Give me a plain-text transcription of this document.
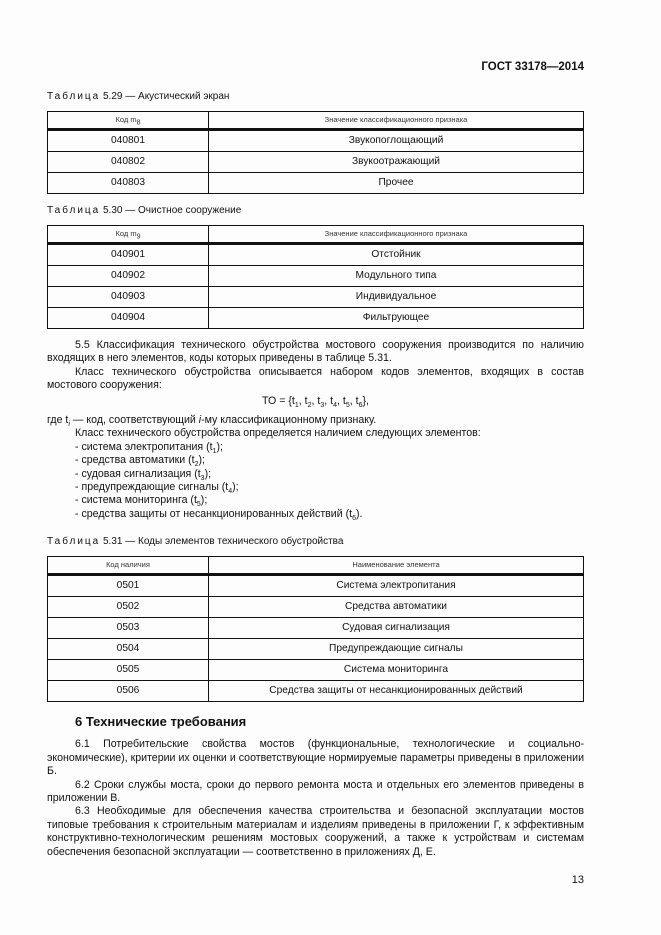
ГОСТ 33178—2014
Таблица 5.29 — Акустический экран
Код $m_8$	Значение классификационного признака
040801	Звукопоглощающий
040802	Звукоотражающий
040803	Прочее
Таблица 5.30 — Очистное сооружение
Код $m_9$	Значение классификационного признака
040901	Отстойник
040902	Модульного типа
040903	Индивидуальное
040904	Фильтрующее

5.5 Классификация технического обустройства мостового сооружения производится по наличию входящих в него элементов, коды которых приведены в таблице 5.31.

Класс технического обустройства описывается набором кодов элементов, входящих в состав мостового сооружения:

ТО = {$t_1$, $t_2$, $t_3$, $t_4$, $t_5$, $t_6$},

где $t_i$ — код, соответствующий i-му классификационному признаку.

Класс технического обустройства определяется наличием следующих элементов:

- система электропитания $(t_1)$;

- средства автоматики $(t_2)$;

- судовая сигнализация $(t_3)$;

- предупреждающие сигналы $(t_4)$;

- система мониторинга $(t_5)$;

- средства защиты от несанкционированных действий $(t_6)$.

Таблица 5.31 — Коды элементов технического обустройства
Код наличия	Наименование элемента
0501	Система электропитания
0502	Средства автоматики
0503	Судовая сигнализация
0504	Предупреждающие сигналы
0505	Система мониторинга
0506	Средства защиты от несанкционированных действий
6 Технические требования

6.1 Потребительские свойства мостов (функциональные, технологические и социально-экономические), критерии их оценки и соответствующие нормируемые параметры приведены в приложении Б.

6.2 Сроки службы моста, сроки до первого ремонта моста и отдельных его элементов приведены в приложении В.

6.3 Необходимые для обеспечения качества строительства и безопасной эксплуатации мостов типовые требования к строительным материалам и изделиям приведены в приложении Г, к эффективным конструктивно-технологическим решениям мостовых сооружений, а также к устройствам и системам обеспечения безопасной эксплуатации — соответственно в приложениях Д, Е.

13
